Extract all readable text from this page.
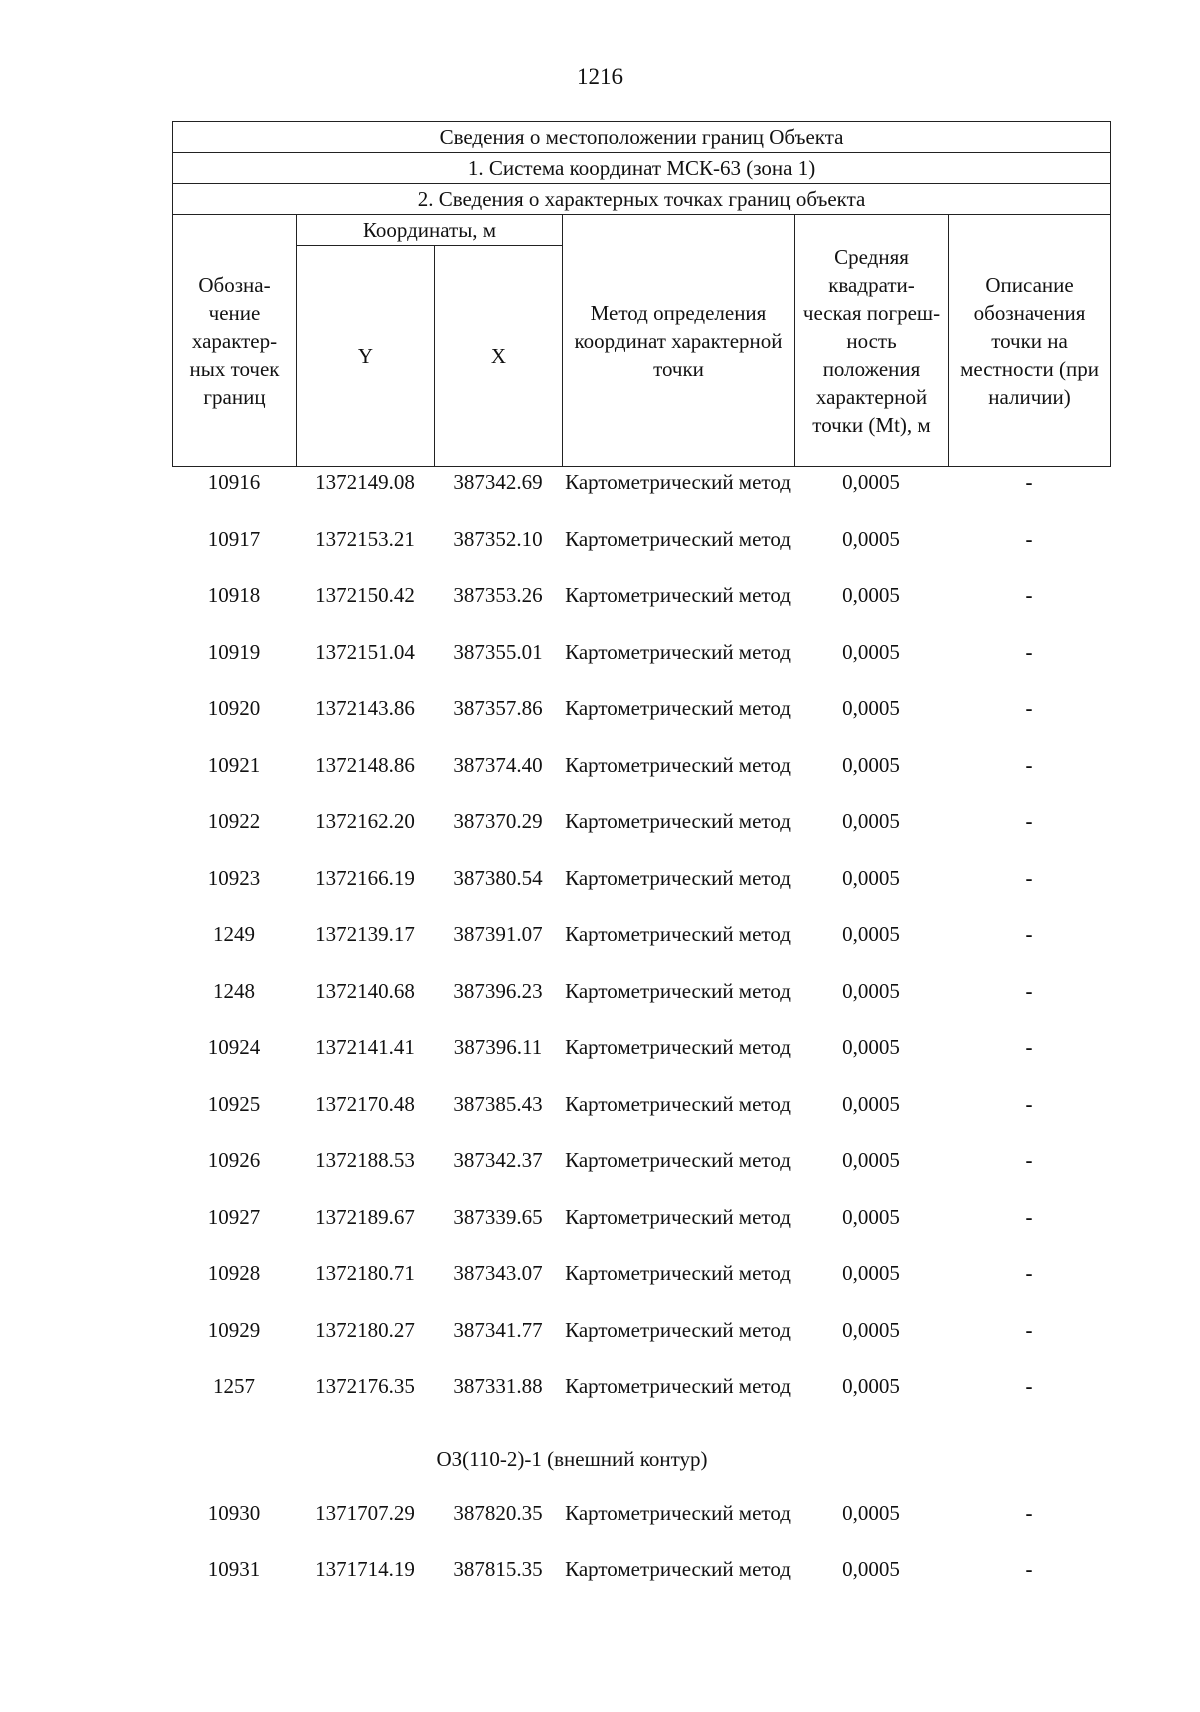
1216
Сведения о местоположении границ Объекта					
1. Система координат МСК-63 (зона 1)					
2. Сведения о характерных точках границ объекта					
Обозна-чение характер-ных точек границ	Координаты, м		Метод определения координат характерной точки	Средняя квадрати-ческая погреш-ность положения характерной точки (Mt), м	Описание обозначения точки на местности (при наличии)
	Y	X			
10916	1372149.08	387342.69	Картометрический метод	0,0005	-
10917	1372153.21	387352.10	Картометрический метод	0,0005	-
10918	1372150.42	387353.26	Картометрический метод	0,0005	-
10919	1372151.04	387355.01	Картометрический метод	0,0005	-
10920	1372143.86	387357.86	Картометрический метод	0,0005	-
10921	1372148.86	387374.40	Картометрический метод	0,0005	-
10922	1372162.20	387370.29	Картометрический метод	0,0005	-
10923	1372166.19	387380.54	Картометрический метод	0,0005	-
1249	1372139.17	387391.07	Картометрический метод	0,0005	-
1248	1372140.68	387396.23	Картометрический метод	0,0005	-
10924	1372141.41	387396.11	Картометрический метод	0,0005	-
10925	1372170.48	387385.43	Картометрический метод	0,0005	-
10926	1372188.53	387342.37	Картометрический метод	0,0005	-
10927	1372189.67	387339.65	Картометрический метод	0,0005	-
10928	1372180.71	387343.07	Картометрический метод	0,0005	-
10929	1372180.27	387341.77	Картометрический метод	0,0005	-
1257	1372176.35	387331.88	Картометрический метод	0,0005	-
ОЗ(110-2)-1 (внешний контур)
10930	1371707.29	387820.35	Картометрический метод	0,0005	-
10931	1371714.19	387815.35	Картометрический метод	0,0005	-
